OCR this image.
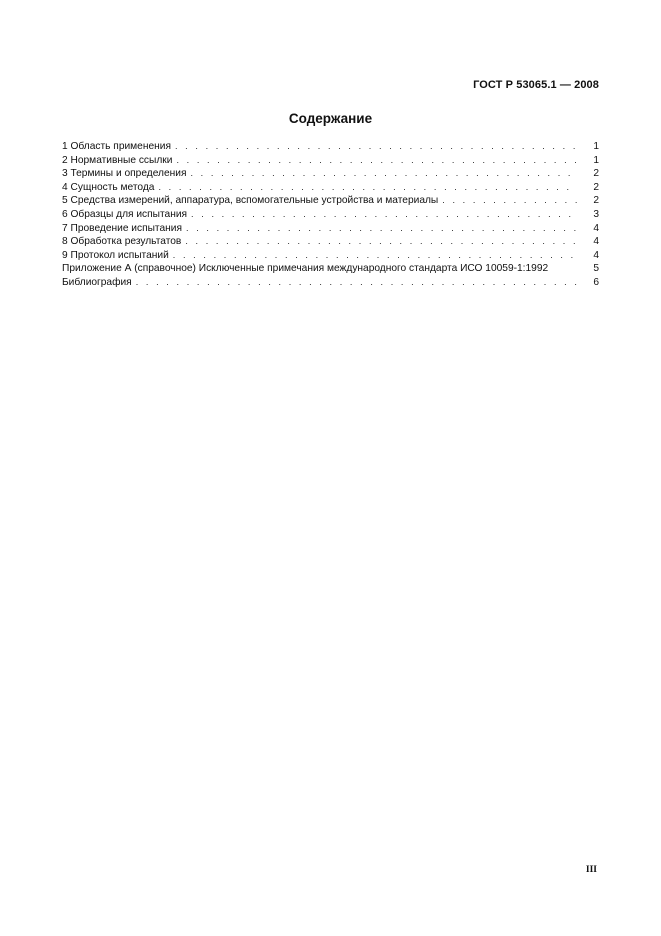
ГОСТ Р 53065.1 — 2008
Содержание
1 Область применения . . .	1
2 Нормативные ссылки . . .	1
3 Термины и определения . . .	2
4 Сущность метода . . .	2
5 Средства измерений, аппаратура, вспомогательные устройства и материалы . . .	2
6 Образцы для испытания . . .	3
7 Проведение испытания . . .	4
8 Обработка результатов . . .	4
9 Протокол испытаний . . .	4
Приложение А (справочное) Исключенные примечания международного стандарта ИСО 10059-1:1992	5
Библиография . . .	6
III
